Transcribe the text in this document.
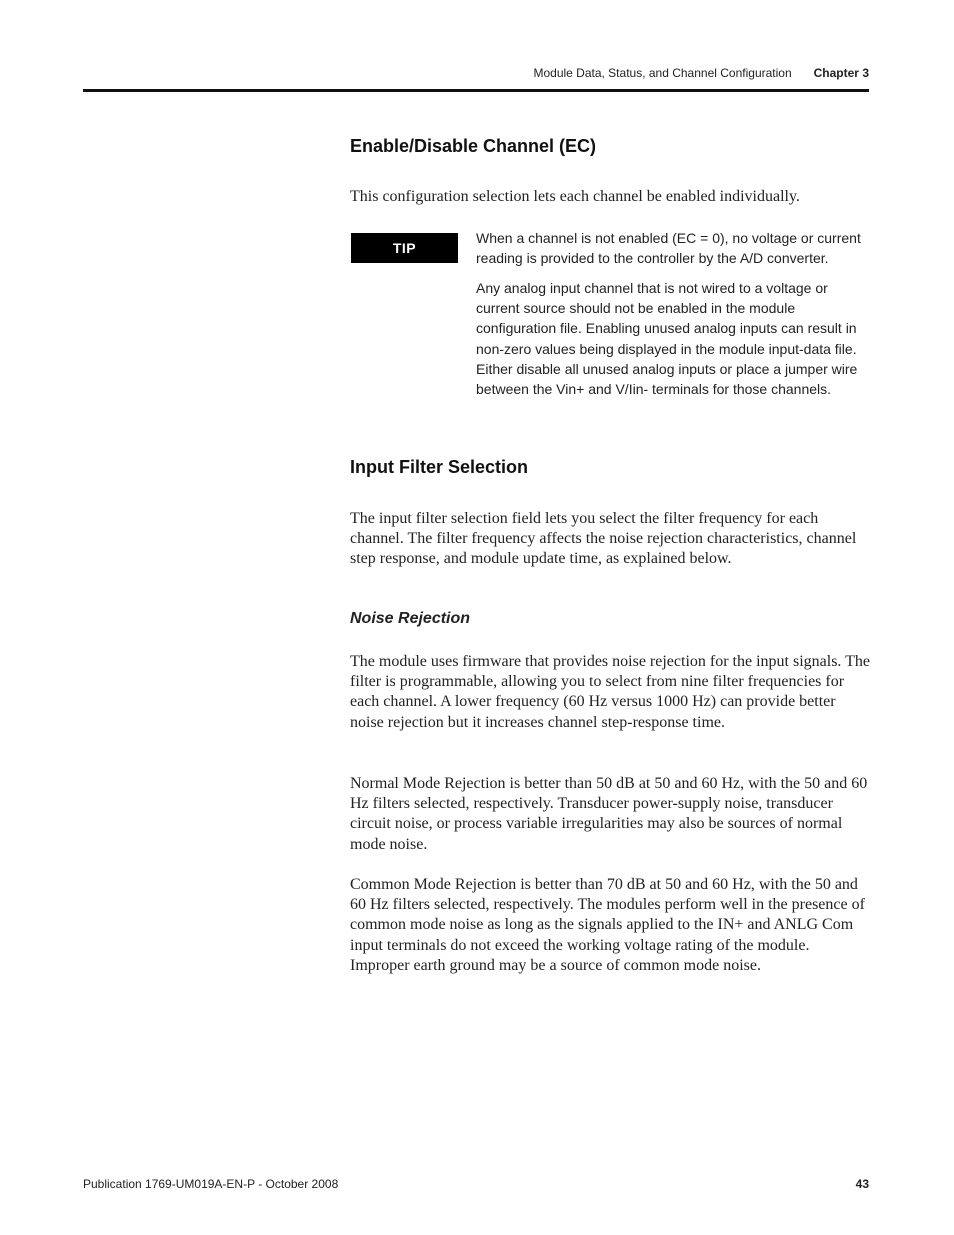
Module Data, Status, and Channel Configuration Chapter 3
Enable/Disable Channel (EC)

This configuration selection lets each channel be enabled individually.

TIP

When a channel is not enabled (EC = 0), no voltage or current reading is provided to the controller by the A/D converter.

Any analog input channel that is not wired to a voltage or current source should not be enabled in the module configuration file. Enabling unused analog inputs can result in non-zero values being displayed in the module input-data file. Either disable all unused analog inputs or place a jumper wire between the Vin+ and V/Iin- terminals for those channels.

Input Filter Selection

The input filter selection field lets you select the filter frequency for each channel. The filter frequency affects the noise rejection characteristics, channel step response, and module update time, as explained below.

Noise Rejection

The module uses firmware that provides noise rejection for the input signals. The filter is programmable, allowing you to select from nine filter frequencies for each channel. A lower frequency (60 Hz versus 1000 Hz) can provide better noise rejection but it increases channel step-response time.

Normal Mode Rejection is better than 50 dB at 50 and 60 Hz, with the 50 and 60 Hz filters selected, respectively. Transducer power-supply noise, transducer circuit noise, or process variable irregularities may also be sources of normal mode noise.

Common Mode Rejection is better than 70 dB at 50 and 60 Hz, with the 50 and 60 Hz filters selected, respectively. The modules perform well in the presence of common mode noise as long as the signals applied to the IN+ and ANLG Com input terminals do not exceed the working voltage rating of the module. Improper earth ground may be a source of common mode noise.

Publication 1769-UM019A-EN-P - October 2008	43
